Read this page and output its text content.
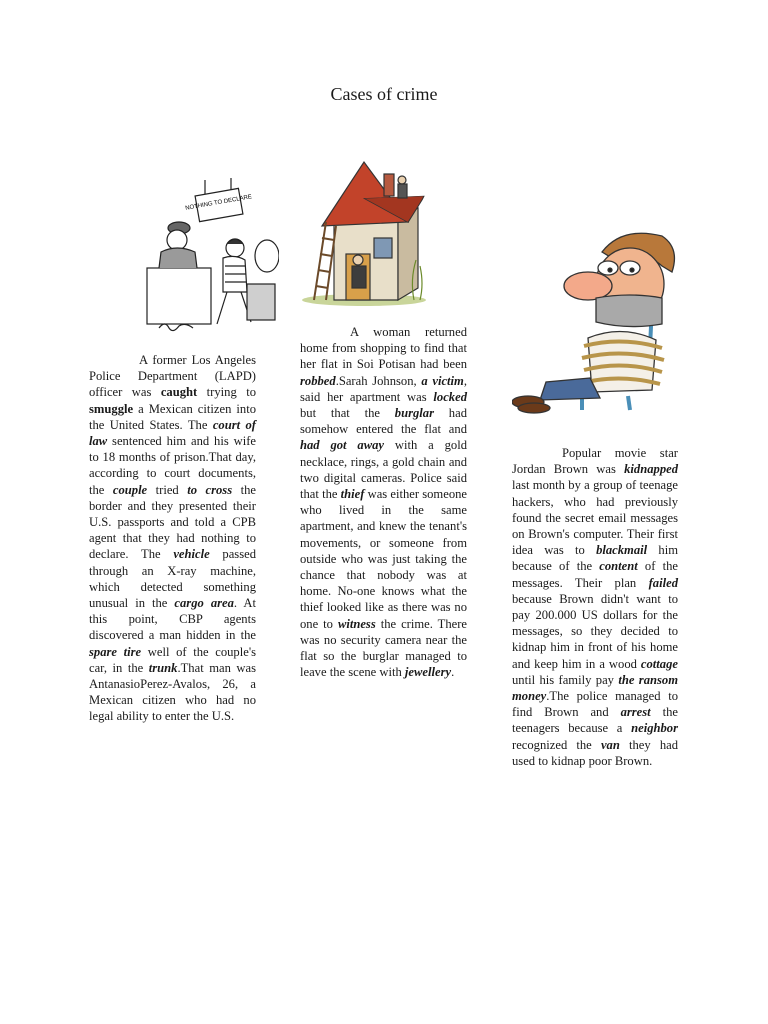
Cases of crime
NOTHING TO DECLARE

A former Los Angeles Police Department (LAPD) officer was caught trying to smuggle a Mexican citizen into the United States. The court of law sentenced him and his wife to 18 months of prison.That day, according to court documents, the couple tried to cross the border and they presented their U.S. passports and told a CPB agent that they had nothing to declare. The vehicle passed through an X-ray machine, which detected something unusual in the cargo area. At this point, CBP agents discovered a man hidden in the spare tire well of the couple's car, in the trunk.That man was AntanasioPerez-Avalos, 26, a Mexican citizen who had no legal ability to enter the U.S.

A woman returned home from shopping to find that her flat in Soi Potisan had been robbed.Sarah Johnson, a victim, said her apartment was locked but that the burglar had somehow entered the flat and had got away with a gold necklace, rings, a gold chain and two digital cameras. Police said that the thief was either someone who lived in the same apartment, and knew the tenant's movements, or someone from outside who was just taking the chance that nobody was at home. No-one knows what the thief looked like as there was no one to witness the crime. There was no security camera near the flat so the burglar managed to leave the scene with jewellery.

Popular movie star Jordan Brown was kidnapped last month by a group of teenage hackers, who had previously found the secret email messages on Brown's computer. Their first idea was to blackmail him because of the content of the messages. Their plan failed because Brown didn't want to pay 200.000 US dollars for the messages, so they decided to kidnap him in front of his home and keep him in a wood cottage until his family pay the ransom money.The police managed to find Brown and arrest the teenagers because a neighbor recognized the van they had used to kidnap poor Brown.
